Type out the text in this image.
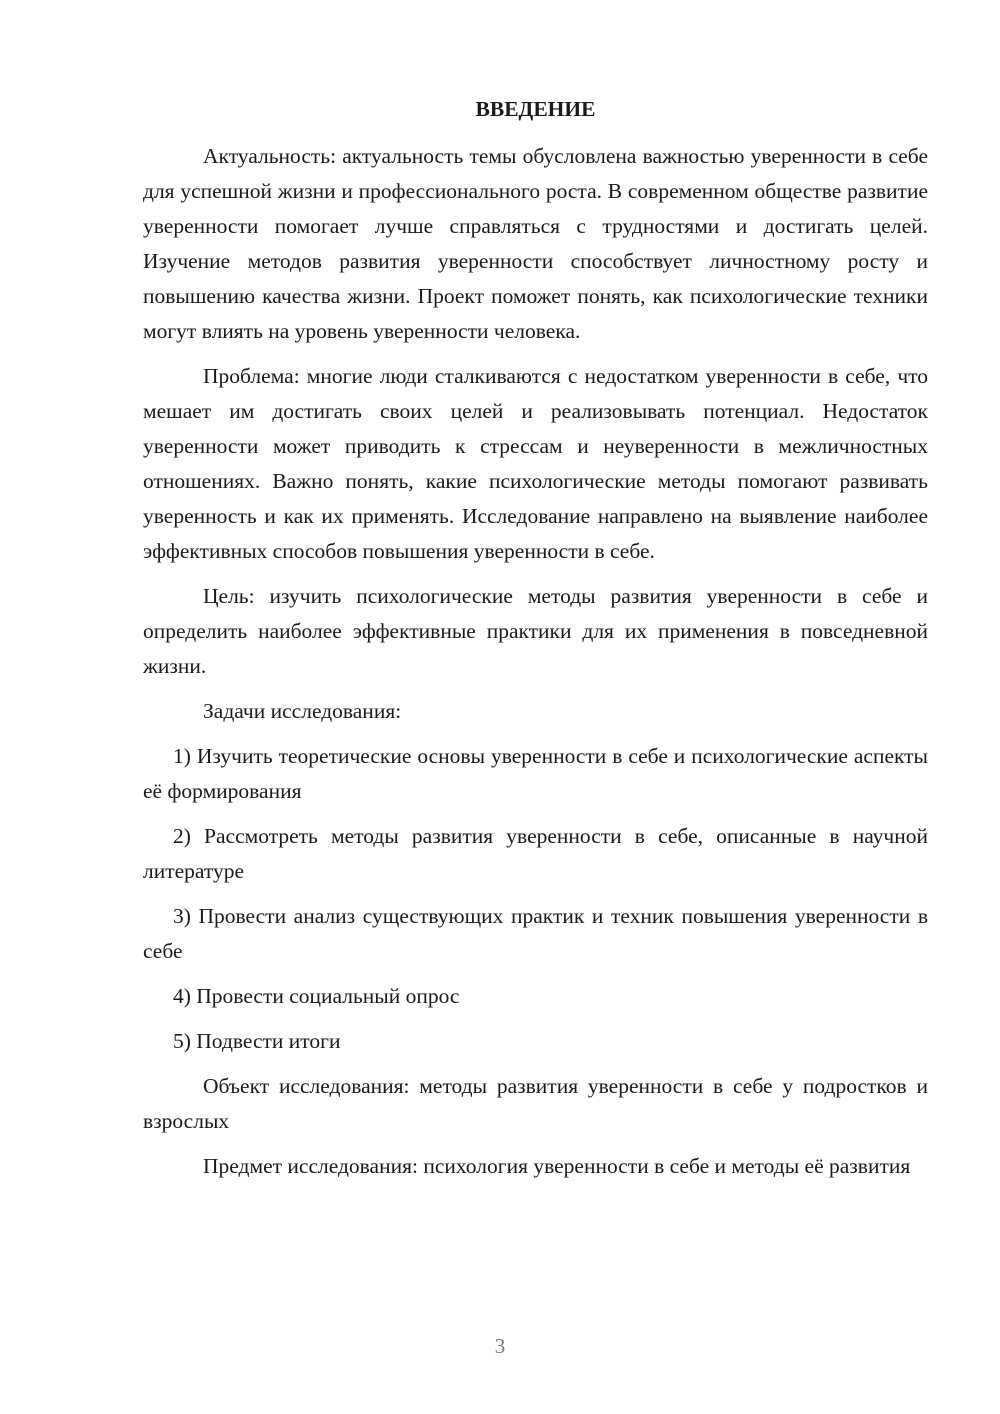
ВВЕДЕНИЕ

Актуальность: актуальность темы обусловлена важностью уверенности в себе для успешной жизни и профессионального роста. В современном обществе развитие уверенности помогает лучше справляться с трудностями и достигать целей. Изучение методов развития уверенности способствует личностному росту и повышению качества жизни. Проект поможет понять, как психологические техники могут влиять на уровень уверенности человека.

Проблема: многие люди сталкиваются с недостатком уверенности в себе, что мешает им достигать своих целей и реализовывать потенциал. Недостаток уверенности может приводить к стрессам и неуверенности в межличностных отношениях. Важно понять, какие психологические методы помогают развивать уверенность и как их применять. Исследование направлено на выявление наиболее эффективных способов повышения уверенности в себе.

Цель: изучить психологические методы развития уверенности в себе и определить наиболее эффективные практики для их применения в повседневной жизни.

Задачи исследования:

1) Изучить теоретические основы уверенности в себе и психологические аспекты её формирования

2) Рассмотреть методы развития уверенности в себе, описанные в научной литературе

3) Провести анализ существующих практик и техник повышения уверенности в себе

4) Провести социальный опрос

5) Подвести итоги

Объект исследования: методы развития уверенности в себе у подростков и взрослых

Предмет исследования: психология уверенности в себе и методы её развития

3
